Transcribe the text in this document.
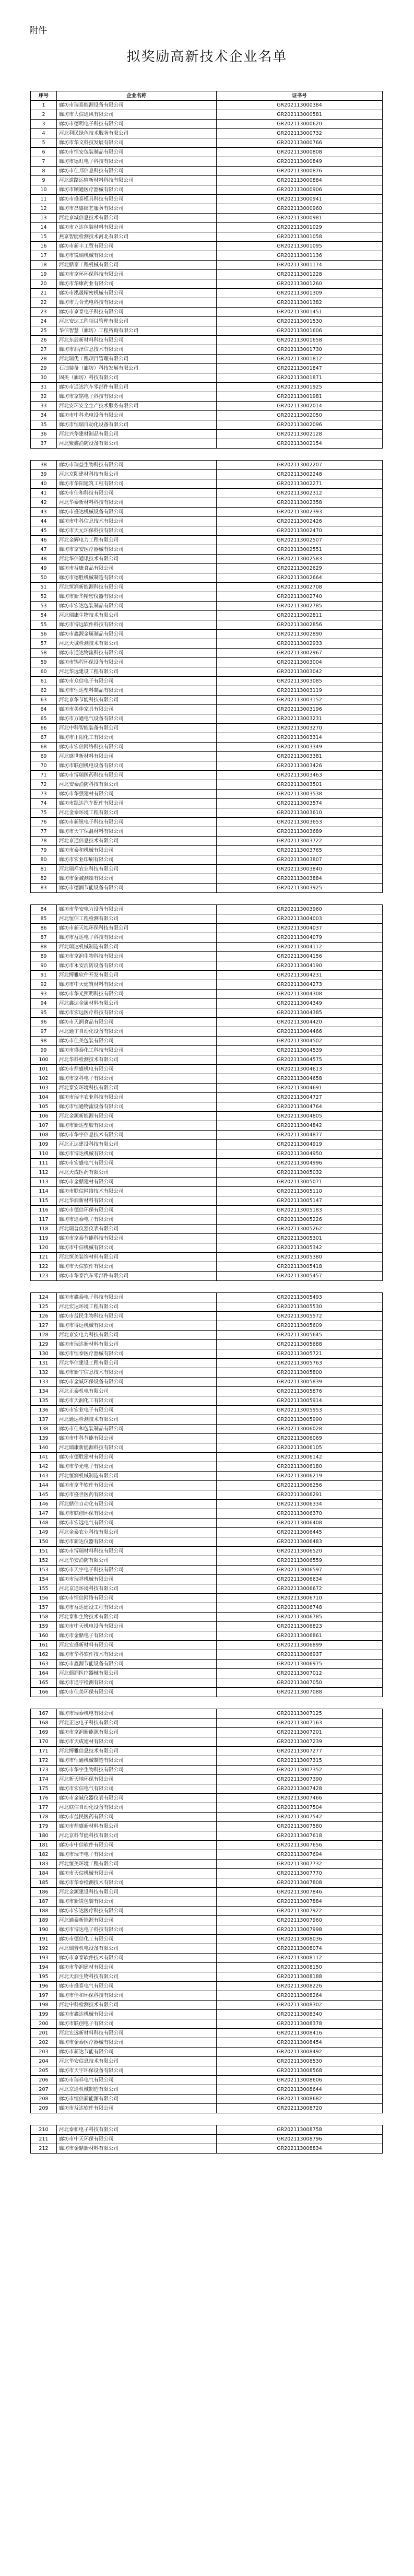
附件
拟奖励高新技术企业名单
序号	企业名称	证书号
1	廊坊市瑞泰能源设备有限公司	GR202113000384
2	廊坊市大信通风有限公司	GR202113000581
3	廊坊市德明电子科技有限公司	GR202113000620
4	河北利民绿色技术服务有限公司	GR202113000732
5	廊坊市华文科技发展有限公司	GR202113000766
6	廊坊市恒安包装制品有限公司	GR202113000808
7	廊坊市德虹电子科技有限公司	GR202113000849
8	廊坊市佳邦信息科技有限公司	GR202113000876
9	河北道路运输新材料科技有限公司	GR202113000884
10	廊坊市顺通医疗器械有限公司	GR202113000906
11	廊坊市盛泰模具科技有限公司	GR202113000941
12	廊坊市昌盛园艺服务有限公司	GR202113000960
13	河北京城信息技术有限公司	GR202113000981
14	廊坊市立达包装材料有限公司	GR202113001029
15	燕京智能检测技术河北有限公司	GR202113001058
16	廊坊市新丰工贸有限公司	GR202113001095
17	廊坊市锐瑞机械有限公司	GR202113001136
18	河北鼎泰工程机械有限公司	GR202113001174
19	廊坊市京环环保科技有限公司	GR202113001228
20	廊坊市华康药业有限公司	GR202113001260
21	廊坊市泓晟精密机械有限公司	GR202113001309
22	廊坊市力合光电科技有限公司	GR202113001382
23	廊坊市京泰电子科技有限公司	GR202113001451
24	河北安达工程项目管理有限公司	GR202113001530
25	华信智慧（廊坊）工程咨询有限公司	GR202113001606
26	河北东辰新材料科技有限公司	GR202113001658
27	廊坊市润泽信息技术有限公司	GR202113001730
28	河北瑞优工程项目管理有限公司	GR202113001812
29	石油装备（廊坊）科技发展有限公司	GR202113001847
30	固美（廊坊）科技有限公司	GR202113001871
31	廊坊市通达汽车零部件有限公司	GR202113001925
32	廊坊市京铭电子科技有限公司	GR202113001981
33	河北安环安全生产技术服务有限公司	GR202113002014
34	廊坊市中科光电设备有限公司	GR202113002050
35	廊坊市恒瑞自动化设备有限公司	GR202113002096
36	河北兴华建材制品有限公司	GR202113002128
37	河北聚鑫消防设备有限公司	GR202113002154
38	廊坊市瑞益生物科技有限公司	GR202113002207
39	河北京阳建材科技有限公司	GR202113002248
40	廊坊市华阳建筑工程有限公司	GR202113002271
41	廊坊市佳和科技有限公司	GR202113002312
42	河北华泰新材料科技有限公司	GR202113002358
43	廊坊市盛达机械设备有限公司	GR202113002393
44	廊坊市中科信息技术有限公司	GR202113002426
45	廊坊市天元环保科技有限公司	GR202113002470
46	河北金辉电力工程有限公司	GR202113002507
47	廊坊市京安医疗器械有限公司	GR202113002551
48	河北华信通讯技术有限公司	GR202113002583
49	廊坊市益康食品有限公司	GR202113002629
50	廊坊市德胜机械制造有限公司	GR202113002664
51	河北恒润新能源科技有限公司	GR202113002708
52	廊坊市新华精密仪器有限公司	GR202113002740
53	廊坊市宏达包装制品有限公司	GR202113002785
54	河北瑞康生物技术有限公司	GR202113002811
55	廊坊市博远软件科技有限公司	GR202113002856
56	廊坊市鑫源金属制品有限公司	GR202113002890
57	河北天诚检测技术有限公司	GR202113002933
58	廊坊市通达物流科技有限公司	GR202113002967
59	廊坊市锦程环保设备有限公司	GR202113003004
60	河北华远建设工程有限公司	GR202113003042
61	廊坊市众信电子有限公司	GR202113003085
62	廊坊市恒达塑料制品有限公司	GR202113003119
63	河北京华节能科技有限公司	GR202113003152
64	廊坊市美佳家具有限公司	GR202113003196
65	廊坊市万通电气设备有限公司	GR202113003231
66	河北中科智能装备有限公司	GR202113003270
67	廊坊市正阳化工有限公司	GR202113003314
68	廊坊市宏信网络科技有限公司	GR202113003349
69	河北盛世新材料有限公司	GR202113003381
70	廊坊市联创机电设备有限公司	GR202113003426
71	廊坊市博瑞医药科技有限公司	GR202113003463
72	河北安泰消防科技有限公司	GR202113003501
73	廊坊市华强建材有限公司	GR202113003538
74	廊坊市凯达汽车配件有限公司	GR202113003574
75	河北金泰环境工程有限公司	GR202113003610
76	廊坊市新锐电子科技有限公司	GR202113003653
77	廊坊市天宇保温材料有限公司	GR202113003689
78	河北京通信息技术有限公司	GR202113003722
79	廊坊市泰和机械有限公司	GR202113003765
80	廊坊市宏业印刷有限公司	GR202113003807
81	河北瑞祥农业科技有限公司	GR202113003840
82	廊坊市金诚测绘有限公司	GR202113003884
83	廊坊市德润节能设备有限公司	GR202113003925
84	廊坊市华安电力设备有限公司	GR202113003960
85	河北恒信工程检测有限公司	GR202113004003
86	廊坊市新天地环保科技有限公司	GR202113004037
87	廊坊市益达电子科技有限公司	GR202113004079
88	河北瑞达机械制造有限公司	GR202113004112
89	廊坊市京润生物科技有限公司	GR202113004156
90	廊坊市永安消防设备有限公司	GR202113004190
91	河北博雅软件开发有限公司	GR202113004231
92	廊坊市中天建筑材料有限公司	GR202113004273
93	廊坊市华光照明科技有限公司	GR202113004308
94	河北鑫达金属材料有限公司	GR202113004349
95	廊坊市宏远医疗科技有限公司	GR202113004385
96	廊坊市天润食品有限公司	GR202113004420
97	河北通宇自动化设备有限公司	GR202113004466
98	廊坊市佳美包装有限公司	GR202113004502
99	廊坊市盛泰化工科技有限公司	GR202113004539
100	河北华科检测技术有限公司	GR202113004575
101	廊坊市鼎盛机电有限公司	GR202113004613
102	廊坊市京科电子有限公司	GR202113004658
103	河北泰安环境科技有限公司	GR202113004691
104	廊坊市瑞丰农业科技有限公司	GR202113004727
105	廊坊市恒通物流设备有限公司	GR202113004764
106	河北金源新能源有限公司	GR202113004805
107	廊坊市新达塑胶有限公司	GR202113004842
108	廊坊市华宇信息技术有限公司	GR202113004877
109	河北正达建设科技有限公司	GR202113004919
110	廊坊市博达机械有限公司	GR202113004950
111	廊坊市宏盛电气有限公司	GR202113004996
112	河北天成医药有限公司	GR202113005032
113	廊坊市金鼎建材有限公司	GR202113005071
114	廊坊市联信网络技术有限公司	GR202113005110
115	河北华润新材料有限公司	GR202113005147
116	廊坊市德信环保有限公司	GR202113005183
117	廊坊市通泰电子有限公司	GR202113005226
118	河北瑞普仪器仪表有限公司	GR202113005262
119	廊坊市京泰节能科技有限公司	GR202113005301
120	廊坊市中信机械有限公司	GR202113005342
121	河北恒美装饰材料有限公司	GR202113005380
122	廊坊市天信软件有限公司	GR202113005418
123	廊坊市华泰汽车零部件有限公司	GR202113005457
124	廊坊市鑫泰电子科技有限公司	GR202113005493
125	河北宏达环境工程有限公司	GR202113005530
126	廊坊市益民生物科技有限公司	GR202113005572
127	廊坊市博远机械有限公司	GR202113005609
128	河北京安电力科技有限公司	GR202113005645
129	廊坊市瑞达新材料有限公司	GR202113005688
130	廊坊市恒泰医疗器械有限公司	GR202113005721
131	河北华信建设工程有限公司	GR202113005763
132	廊坊市新宇信息技术有限公司	GR202113005800
133	廊坊市金诚环保设备有限公司	GR202113005839
134	河北正泰机电有限公司	GR202113005876
135	廊坊市天润化工有限公司	GR202113005914
136	廊坊市宏业电子有限公司	GR202113005953
137	河北通达检测技术有限公司	GR202113005990
138	廊坊市佳和包装制品有限公司	GR202113006028
139	廊坊市中科节能有限公司	GR202113006069
140	河北瑞康新能源科技有限公司	GR202113006105
141	廊坊市德胜建材有限公司	GR202113006142
142	廊坊市华光电子有限公司	GR202113006180
143	河北恒润机械制造有限公司	GR202113006219
144	廊坊市京华软件有限公司	GR202113006256
145	廊坊市盛世医药有限公司	GR202113006291
146	河北鼎信自动化有限公司	GR202113006334
147	廊坊市联创环保有限公司	GR202113006370
148	廊坊市宏远电气有限公司	GR202113006408
149	河北金泰农业科技有限公司	GR202113006445
150	廊坊市新达仪器有限公司	GR202113006483
151	廊坊市博瑞材料科技有限公司	GR202113006520
152	河北华安消防有限公司	GR202113006559
153	廊坊市天宇电子科技有限公司	GR202113006597
154	廊坊市瑞祥机械有限公司	GR202113006634
155	河北京通环境科技有限公司	GR202113006672
156	廊坊市恒信网络有限公司	GR202113006710
157	廊坊市益达建设工程有限公司	GR202113006748
158	河北泰和生物技术有限公司	GR202113006785
159	廊坊市中天机电设备有限公司	GR202113006823
160	廊坊市金鼎电子有限公司	GR202113006861
161	河北宏盛新材料有限公司	GR202113006899
162	廊坊市华科软件技术有限公司	GR202113006937
163	廊坊市鑫源节能设备有限公司	GR202113006975
164	河北德润医疗器械有限公司	GR202113007012
165	廊坊市通宇检测有限公司	GR202113007050
166	廊坊市佳美环保有限公司	GR202113007088
167	廊坊市瑞泰机电有限公司	GR202113007125
168	河北正达电子科技有限公司	GR202113007163
169	廊坊市京润新能源有限公司	GR202113007201
170	廊坊市天成建材有限公司	GR202113007239
171	河北博雅信息技术有限公司	GR202113007277
172	廊坊市恒通机械制造有限公司	GR202113007315
173	廊坊市华宇生物科技有限公司	GR202113007352
174	河北新天地环保有限公司	GR202113007390
175	廊坊市宏信电气有限公司	GR202113007428
176	廊坊市金诚仪器仪表有限公司	GR202113007466
177	河北联信自动化设备有限公司	GR202113007504
178	廊坊市益民医药有限公司	GR202113007542
179	廊坊市鼎盛新材料有限公司	GR202113007580
180	河北京科节能科技有限公司	GR202113007618
181	廊坊市中信软件有限公司	GR202113007656
182	廊坊市瑞丰电子有限公司	GR202113007694
183	河北恒美环境工程有限公司	GR202113007732
184	廊坊市天信机械有限公司	GR202113007770
185	廊坊市华泰检测技术有限公司	GR202113007808
186	河北金源建设科技有限公司	GR202113007846
187	廊坊市新锐包装有限公司	GR202113007884
188	廊坊市宏达医疗科技有限公司	GR202113007922
189	河北通泰新能源有限公司	GR202113007960
190	廊坊市博达电子科技有限公司	GR202113007998
191	廊坊市德信化工有限公司	GR202113008036
192	河北瑞普机电设备有限公司	GR202113008074
193	廊坊市京泰软件技术有限公司	GR202113008112
194	廊坊市华润建材有限公司	GR202113008150
195	河北天润生物科技有限公司	GR202113008188
196	廊坊市盛泰电气有限公司	GR202113008226
197	廊坊市佳和环保科技有限公司	GR202113008264
198	河北中科检测技术有限公司	GR202113008302
199	廊坊市鑫达机械有限公司	GR202113008340
200	廊坊市联创电子有限公司	GR202113008378
201	河北宏远新材料科技有限公司	GR202113008416
202	廊坊市金泰医疗器械有限公司	GR202113008454
203	廊坊市新达节能有限公司	GR202113008492
204	河北华安信息技术有限公司	GR202113008530
205	廊坊市天宇环保设备有限公司	GR202113008568
206	廊坊市瑞祥电气有限公司	GR202113008606
207	河北京通机械制造有限公司	GR202113008644
208	廊坊市恒信新能源有限公司	GR202113008682
209	廊坊市益达软件有限公司	GR202113008720
210	河北泰和电子科技有限公司	GR202113008758
211	廊坊市中天环保有限公司	GR202113008796
212	廊坊市金鼎新材料有限公司	GR202113008834
